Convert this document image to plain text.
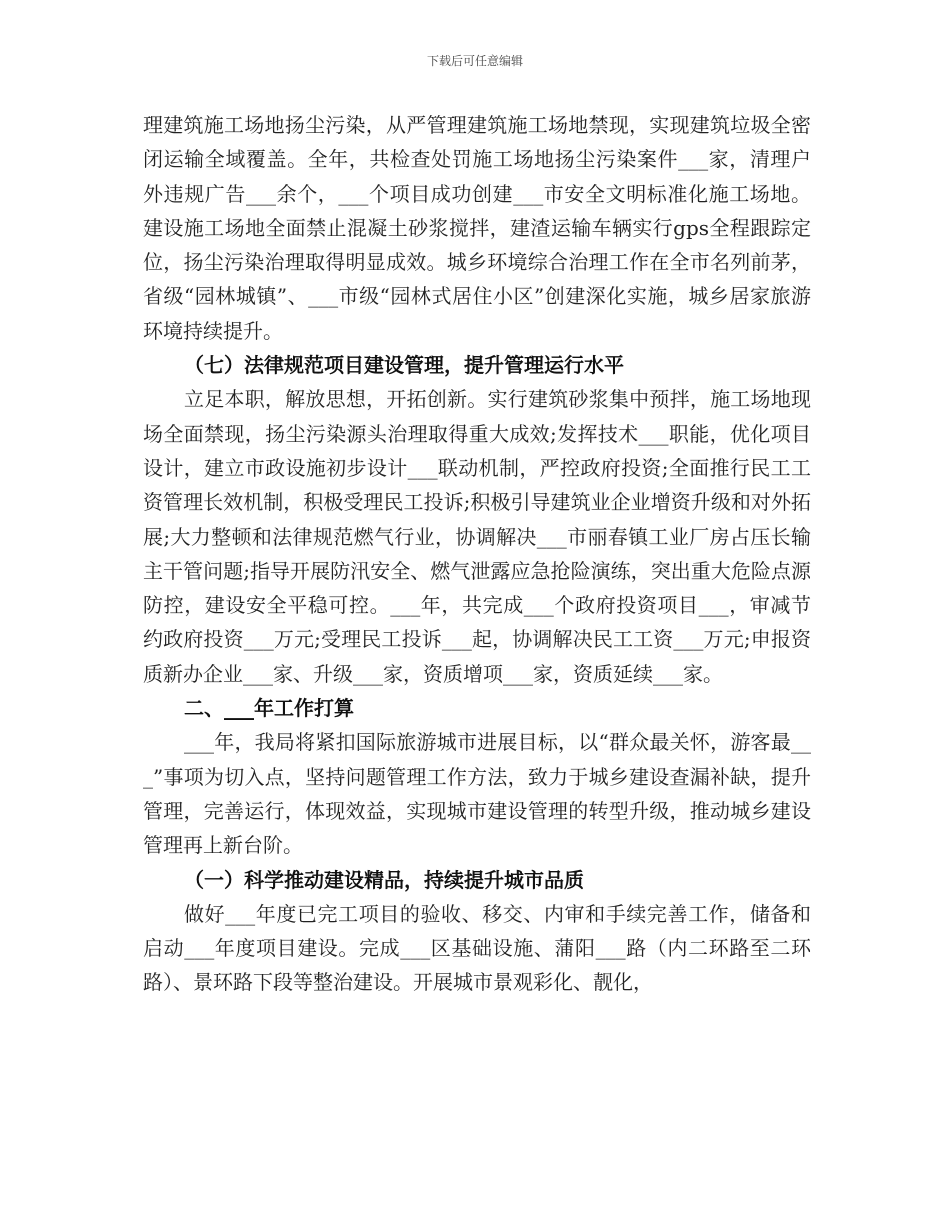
下载后可任意编辑

理建筑施工场地扬尘污染，从严管理建筑施工场地禁现，实现建筑垃圾全密闭运输全域覆盖。全年，共检查处罚施工场地扬尘污染案件___家，清理户外违规广告___余个，___个项目成功创建___市安全文明标准化施工场地。建设施工场地全面禁止混凝土砂浆搅拌，建渣运输车辆实行gps全程跟踪定位，扬尘污染治理取得明显成效。城乡环境综合治理工作在全市名列前茅，省级“园林城镇”、___市级“园林式居住小区”创建深化实施，城乡居家旅游环境持续提升。

（七）法律规范项目建设管理，提升管理运行水平

立足本职，解放思想，开拓创新。实行建筑砂浆集中预拌，施工场地现场全面禁现，扬尘污染源头治理取得重大成效;发挥技术___职能，优化项目设计，建立市政设施初步设计___联动机制，严控政府投资;全面推行民工工资管理长效机制，积极受理民工投诉;积极引导建筑业企业增资升级和对外拓展;大力整顿和法律规范燃气行业，协调解决___市丽春镇工业厂房占压长输主干管问题;指导开展防汛安全、燃气泄露应急抢险演练，突出重大危险点源防控，建设安全平稳可控。___年，共完成___个政府投资项目___，审减节约政府投资___万元;受理民工投诉___起，协调解决民工工资___万元;申报资质新办企业___家、升级___家，资质增项___家，资质延续___家。

二、___年工作打算

___年，我局将紧扣国际旅游城市进展目标，以“群众最关怀，游客最___”事项为切入点，坚持问题管理工作方法，致力于城乡建设查漏补缺，提升管理，完善运行，体现效益，实现城市建设管理的转型升级，推动城乡建设管理再上新台阶。

（一）科学推动建设精品，持续提升城市品质

做好___年度已完工项目的验收、移交、内审和手续完善工作，储备和启动___年度项目建设。完成___区基础设施、蒲阳___路（内二环路至二环路）、景环路下段等整治建设。开展城市景观彩化、靓化，
